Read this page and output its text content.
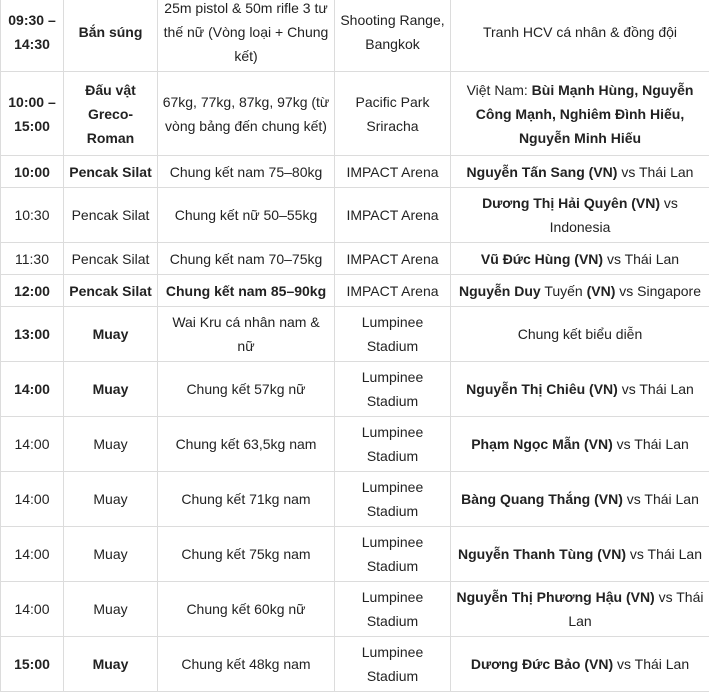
09:30 – 14:30	Bắn súng	25m pistol & 50m rifle 3 tư thế nữ (Vòng loại + Chung kết)	Shooting Range, Bangkok	Tranh HCV cá nhân & đồng đội
10:00 – 15:00	Đấu vật Greco-Roman	67kg, 77kg, 87kg, 97kg (từ vòng bảng đến chung kết)	Pacific Park Sriracha	Việt Nam: Bùi Mạnh Hùng, Nguyễn Công Mạnh, Nghiêm Đình Hiếu, Nguyễn Minh Hiếu
10:00	Pencak Silat	Chung kết nam 75–80kg	IMPACT Arena	Nguyễn Tấn Sang (VN) vs Thái Lan
10:30	Pencak Silat	Chung kết nữ 50–55kg	IMPACT Arena	Dương Thị Hải Quyên (VN) vs Indonesia
11:30	Pencak Silat	Chung kết nam 70–75kg	IMPACT Arena	Vũ Đức Hùng (VN) vs Thái Lan
12:00	Pencak Silat	Chung kết nam 85–90kg	IMPACT Arena	Nguyễn Duy Tuyến (VN) vs Singapore
13:00	Muay	Wai Kru cá nhân nam & nữ	Lumpinee Stadium	Chung kết biểu diễn
14:00	Muay	Chung kết 57kg nữ	Lumpinee Stadium	Nguyễn Thị Chiêu (VN) vs Thái Lan
14:00	Muay	Chung kết 63,5kg nam	Lumpinee Stadium	Phạm Ngọc Mẫn (VN) vs Thái Lan
14:00	Muay	Chung kết 71kg nam	Lumpinee Stadium	Bàng Quang Thắng (VN) vs Thái Lan
14:00	Muay	Chung kết 75kg nam	Lumpinee Stadium	Nguyễn Thanh Tùng (VN) vs Thái Lan
14:00	Muay	Chung kết 60kg nữ	Lumpinee Stadium	Nguyễn Thị Phương Hậu (VN) vs Thái Lan
15:00	Muay	Chung kết 48kg nam	Lumpinee Stadium	Dương Đức Bảo (VN) vs Thái Lan
